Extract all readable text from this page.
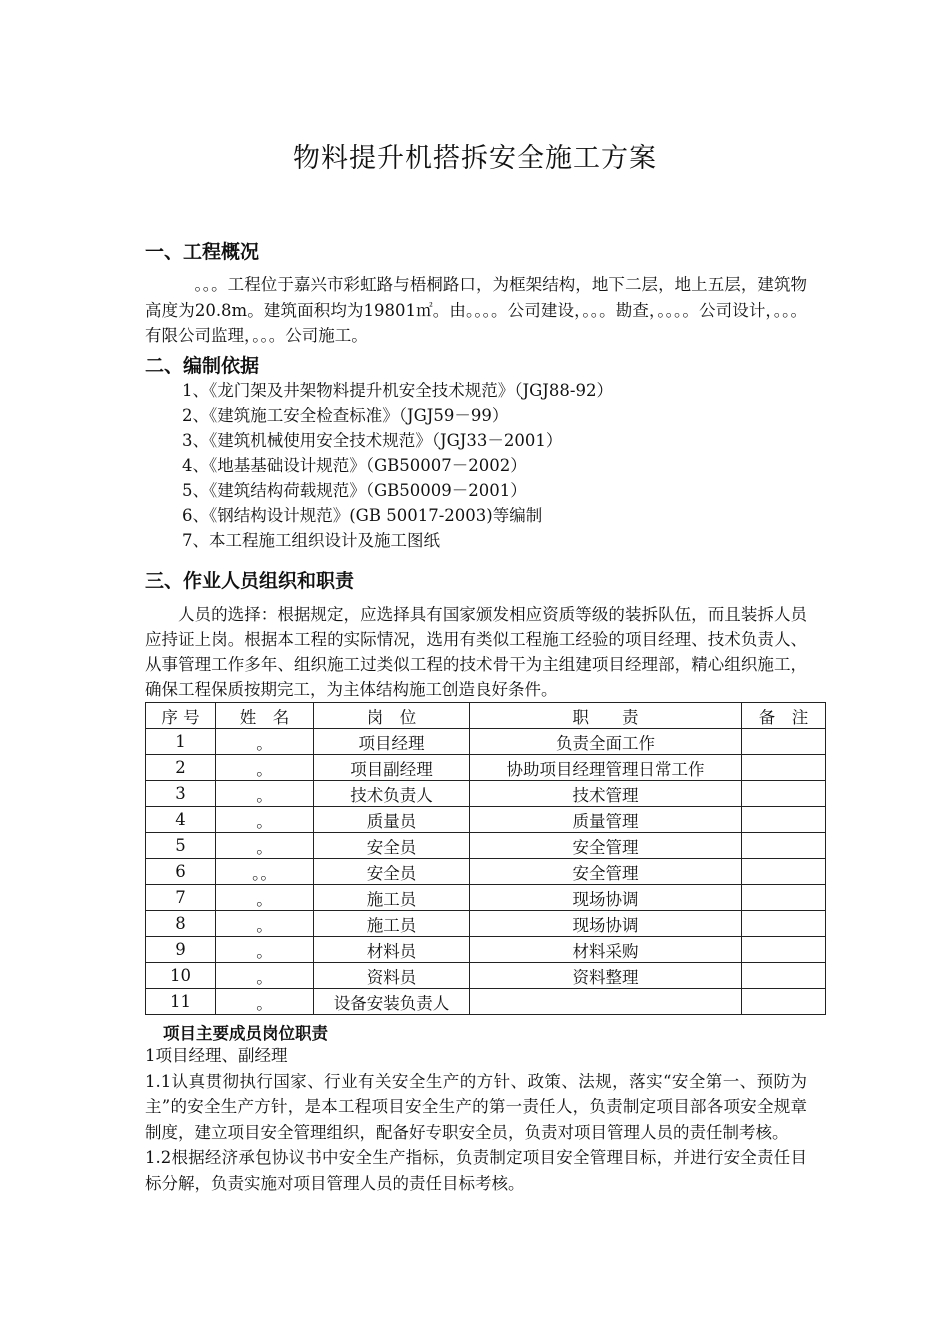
物料提升机搭拆安全施工方案
一、工程概况
。。。工程位于嘉兴市彩虹路与梧桐路口，为框架结构，地下二层，地上五层，建筑物高度为20.8m。建筑面积均为19801㎡。由。。。。公司建设，。。。勘查，。。。。公司设计，。。。有限公司监理，。。。公司施工。
二、编制依据
1、《龙门架及井架物料提升机安全技术规范》（JGJ88-92）
2、《建筑施工安全检查标准》（JGJ59－99）
3、《建筑机械使用安全技术规范》（JGJ33－2001）
4、《地基基础设计规范》（GB50007－2002）
5、《建筑结构荷载规范》（GB50009－2001）
6、《钢结构设计规范》(GB 50017-2003)等编制
7、本工程施工组织设计及施工图纸
三、作业人员组织和职责
人员的选择：根据规定，应选择具有国家颁发相应资质等级的装拆队伍，而且装拆人员应持证上岗。根据本工程的实际情况，选用有类似工程施工经验的项目经理、技术负责人、从事管理工作多年、组织施工过类似工程的技术骨干为主组建项目经理部，精心组织施工，确保工程保质按期完工，为主体结构施工创造良好条件。
序 号	姓　名	岗　位	职　　责	备　注
1	。	项目经理	负责全面工作	
2	。	项目副经理	协助项目经理管理日常工作	
3	。	技术负责人	技术管理	
4	。	质量员	质量管理	
5	。	安全员	安全管理	
6	。。	安全员	安全管理	
7	。	施工员	现场协调	
8	。	施工员	现场协调	
9	。	材料员	材料采购	
10	。	资料员	资料整理	
11	。	设备安装负责人		
项目主要成员岗位职责
1项目经理、副经理
1.1认真贯彻执行国家、行业有关安全生产的方针、政策、法规，落实“安全第一、预防为主”的安全生产方针，是本工程项目安全生产的第一责任人，负责制定项目部各项安全规章制度，建立项目安全管理组织，配备好专职安全员，负责对项目管理人员的责任制考核。
1.2根据经济承包协议书中安全生产指标，负责制定项目安全管理目标，并进行安全责任目标分解，负责实施对项目管理人员的责任目标考核。
